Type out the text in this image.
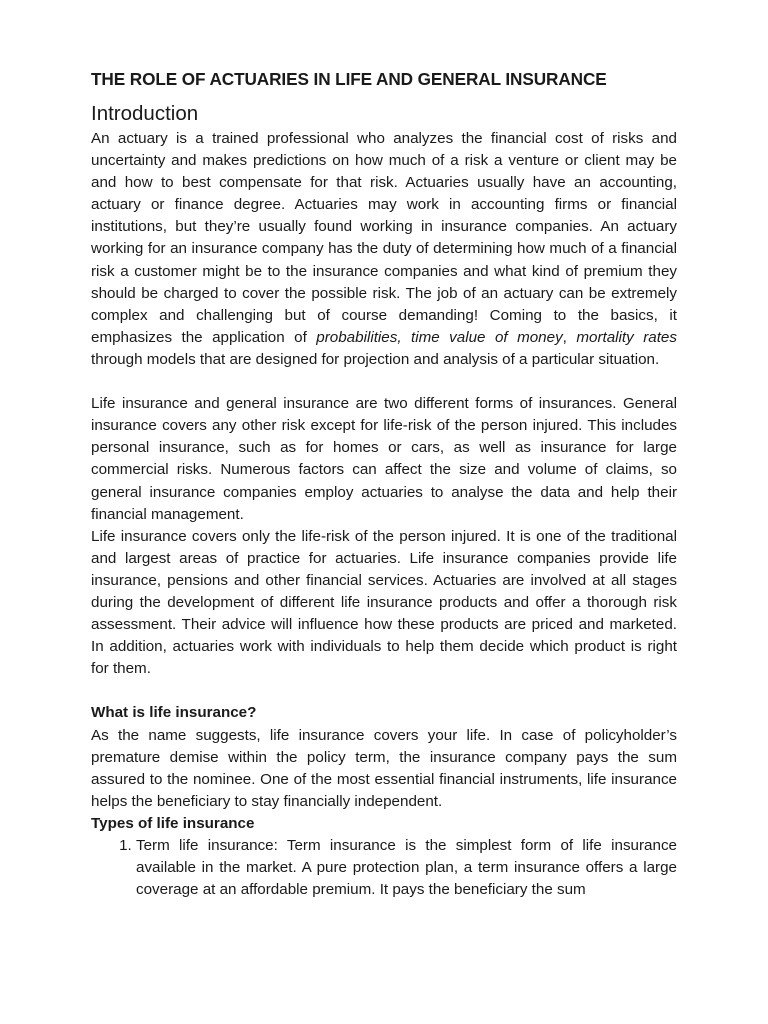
THE ROLE OF ACTUARIES IN LIFE AND GENERAL INSURANCE
Introduction

An actuary is a trained professional who analyzes the financial cost of risks and uncertainty and makes predictions on how much of a risk a venture or client may be and how to best compensate for that risk. Actuaries usually have an accounting, actuary or finance degree. Actuaries may work in accounting firms or financial institutions, but they’re usually found working in insurance companies. An actuary working for an insurance company has the duty of determining how much of a financial risk a customer might be to the insurance companies and what kind of premium they should be charged to cover the possible risk. The job of an actuary can be extremely complex and challenging but of course demanding! Coming to the basics, it emphasizes the application of probabilities, time value of money, mortality rates through models that are designed for projection and analysis of a particular situation.

Life insurance and general insurance are two different forms of insurances. General insurance covers any other risk except for life-risk of the person injured. This includes personal insurance, such as for homes or cars, as well as insurance for large commercial risks. Numerous factors can affect the size and volume of claims, so general insurance companies employ actuaries to analyse the data and help their financial management.

Life insurance covers only the life-risk of the person injured. It is one of the traditional and largest areas of practice for actuaries. Life insurance companies provide life insurance, pensions and other financial services. Actuaries are involved at all stages during the development of different life insurance products and offer a thorough risk assessment. Their advice will influence how these products are priced and marketed. In addition, actuaries work with individuals to help them decide which product is right for them.

What is life insurance?

As the name suggests, life insurance covers your life. In case of policyholder’s premature demise within the policy term, the insurance company pays the sum assured to the nominee. One of the most essential financial instruments, life insurance helps the beneficiary to stay financially independent.

Types of life insurance
1. Term life insurance: Term insurance is the simplest form of life insurance available in the market. A pure protection plan, a term insurance offers a large coverage at an affordable premium. It pays the beneficiary the sum
